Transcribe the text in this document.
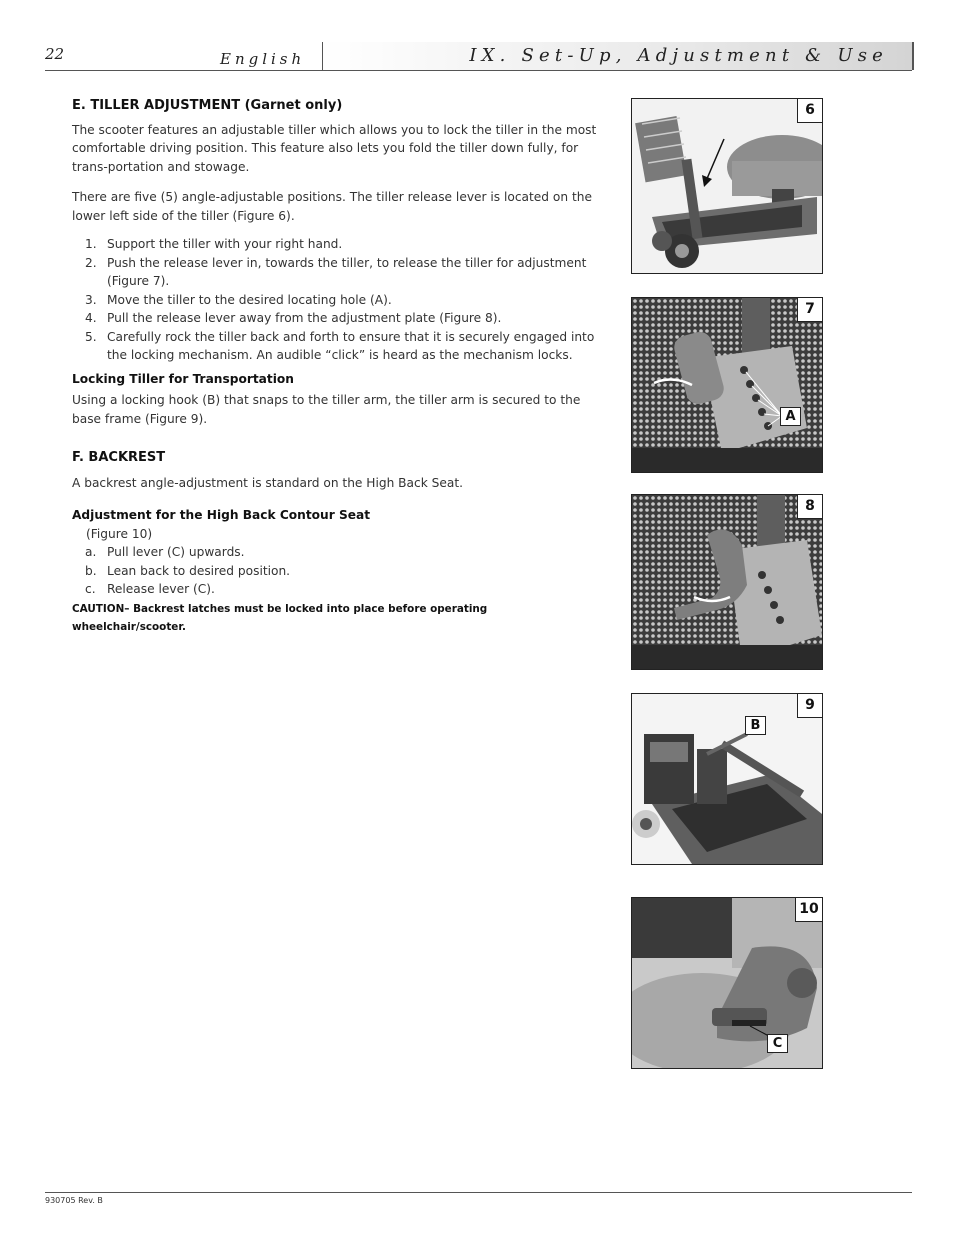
22	English	IX. Set-Up, Adjustment & Use

E. TILLER ADJUSTMENT (Garnet only)

The scooter features an adjustable tiller which allows you to lock the tiller in the most comfortable driving position. This feature also lets you fold the tiller down fully, for trans-portation and stowage.

There are five (5) angle-adjustable positions. The tiller release lever is located on the lower left side of the tiller (Figure 6).

1. Support the tiller with your right hand.
2. Push the release lever in, towards the tiller, to release the tiller for adjustment (Figure 7).
3. Move the tiller to the desired locating hole (A).
4. Pull the release lever away from the adjustment plate (Figure 8).
5. Carefully rock the tiller back and forth to ensure that it is securely engaged into the locking mechanism. An audible “click” is heard as the mechanism locks.

Locking Tiller for Transportation

Using a locking hook (B) that snaps to the tiller arm, the tiller arm is secured to the base frame (Figure 9).

F. BACKREST

A backrest angle-adjustment is standard on the High Back Seat.

Adjustment for the High Back Contour Seat

(Figure 10)

a. Pull lever (C) upwards.
b. Lean back to desired position.
c. Release lever (C).

CAUTION– Backrest latches must be locked into place before operating wheelchair/scooter.

6
7
A
8
9
B
10
C
930705 Rev. B
